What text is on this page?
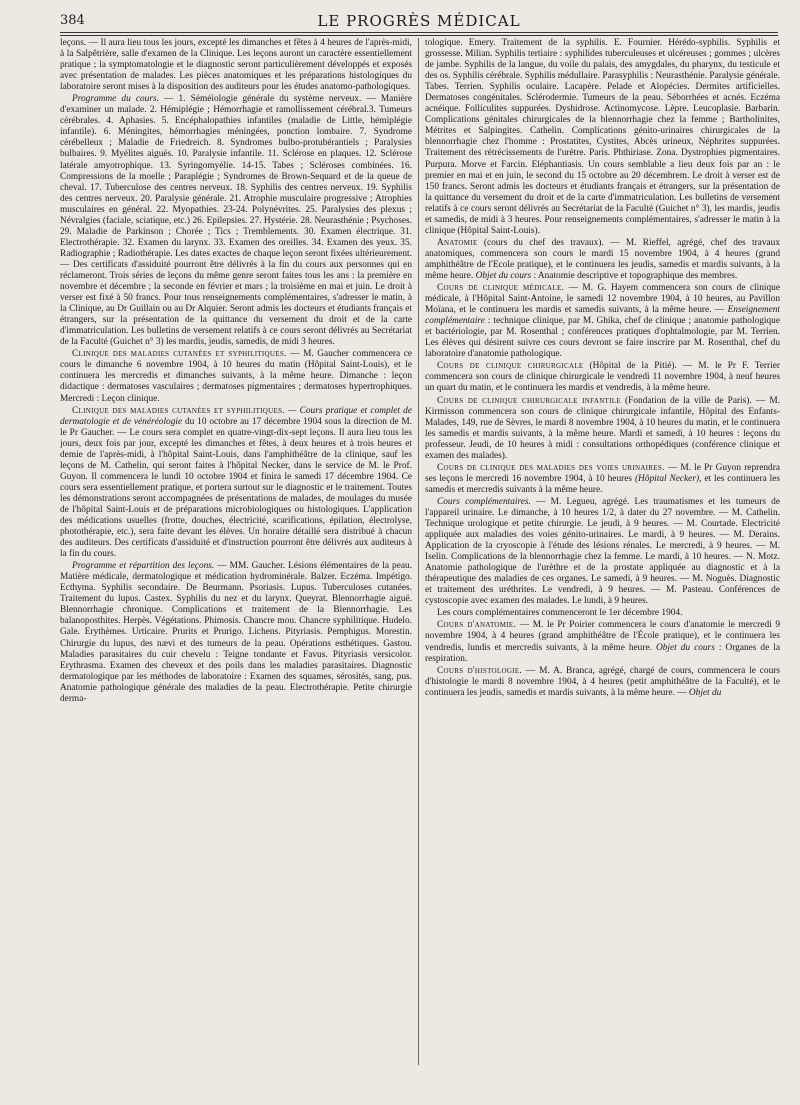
384	LE PROGRÈS MÉDICAL

leçons. — Il aura lieu tous les jours, excepté les dimanches et fêtes à 4 heures de l'après-midi, à la Salpêtrière, salle d'examen de la Clinique. Les leçons auront un caractère essentiellement pratique ; la symptomatologie et le diagnostic seront particulièrement développés et exposés avec présentation de malades. Les pièces anatomiques et les préparations histologiques du laboratoire seront mises à la disposition des auditeurs pour les études anatomo-pathologiques.

Programme du cours. — 1. Séméiologie générale du système nerveux. — Manière d'examiner un malade. 2. Hémiplégie ; Hémorrhagie et ramollissement cérébral.3. Tumeurs cérébrales. 4. Aphasies. 5. Encéphalopathies infantiles (maladie de Little, hémiplégie infantile). 6. Méningites, hémorrhagies méningées, ponction lombaire. 7. Syndrome cérébelleux ; Maladie de Friedreich. 8. Syndromes bulbo-protubérantiels ; Paralysies bulbaires. 9. Myélites aiguës. 10. Paralysie infantile. 11. Sclérose en plaques. 12. Sclérose latérale amyotrophique. 13. Syringomyélie. 14-15. Tabes ; Scléroses combinées. 16. Compressions de la moelle ; Paraplégie ; Syndromes de Brown-Sequard et de la queue de cheval. 17. Tuberculose des centres nerveux. 18. Syphilis des centres nerveux. 19. Syphilis des centres nerveux. 20. Paralysie générale. 21. Atrophie musculaire progressive ; Atrophies musculaires en général. 22. Myopathies. 23-24. Polynévrites. 25. Paralysies des plexus ; Névralgies (faciale, sciatique, etc.) 26. Epilepsies. 27. Hystérie. 28. Neurasthénie ; Psychoses. 29. Maladie de Parkinson ; Chorée ; Tics ; Tremblements. 30. Examen électrique. 31. Electrothérapie. 32. Examen du larynx. 33. Examen des oreilles. 34. Examen des yeux. 35. Radiographie ; Radiothérapie. Les dates exactes de chaque leçon seront fixées ultérieurement. — Des certificats d'assiduité pourront être délivrés à la fin du cours aux personnes qui en réclameront. Trois séries de leçons du même genre seront faites tous les ans : la première en novembre et décembre ; la seconde en février et mars ; la troisième en mai et juin. Le droit à verser est fixé à 50 francs. Pour tous renseignements complémentaires, s'adresser le matin, à la Clinique, au Dr Guillain ou au Dr Alquier. Seront admis les docteurs et étudiants français et étrangers, sur la présentation de la quittance du versement du droit et de la carte d'immatriculation. Les bulletins de versement relatifs à ce cours seront délivrés au Secrétariat de la Faculté (Guichet n° 3) les mardis, jeudis, samedis, de midi 3 heures.

Clinique des maladies cutanées et syphilitiques. — M. Gaucher commencera ce cours le dimanche 6 novembre 1904, à 10 heures du matin (Hôpital Saint-Louis), et le continuera les mercredis et dimanches suivants, à la même heure. Dimanche : leçon didactique : dermatoses vasculaires ; dermatoses pigmentaires ; dermatoses hypertrophiques. Mercredi : Leçon clinique.

Clinique des maladies cutanées et syphilitiques. — Cours pratique et complet de dermatologie et de vénéréologie du 10 octobre au 17 décembre 1904 sous la direction de M. le Pr Gaucher. — Le cours sera complet en quatre-vingt-dix-sept leçons. Il aura lieu tous les jours, deux fois par jour, excepté les dimanches et fêtes, à deux heures et à trois heures et demie de l'après-midi, à l'hôpital Saint-Louis, dans l'amphithéâtre de la clinique, sauf les leçons de M. Cathelin, qui seront faites à l'hôpital Necker, dans le service de M. le Prof. Guyon. Il commencera le lundi 10 octobre 1904 et finira le samedi 17 décembre 1904. Ce cours sera essentiellement pratique, et portera surtout sur le diagnostic et le traitement. Toutes les démonstrations seront accompagnées de présentations de malades, de moulages du musée de l'hôpital Saint-Louis et de préparations microbiologiques ou histologiques. L'application des médications usuelles (frotte, douches, électricité, scarifications, épilation, électrolyse, photothérapie, etc.), sera faite devant les élèves. Un horaire détaillé sera distribué à chacun des auditeurs. Des certificats d'assiduité et d'instruction pourront être délivrés aux auditeurs à la fin du cours.

Programme et répartition des leçons. — MM. Gaucher. Lésions élémentaires de la peau. Matière médicale, dermatologique et médication hydrominérale. Balzer. Eczéma. Impétigo. Ecthyma. Syphilis secondaire. De Beurmann. Psoriasis. Lupus. Tuberculoses cutanées. Traitement du lupus. Castex. Syphilis du nez et du larynx. Queyrat. Blennorrhagie aiguë. Blennorrhagie chronique. Complications et traitement de la Blennorrhagie. Les balanoposthites. Herpès. Végétations. Phimosis. Chancre mou. Chancre syphilitique. Hudelo. Gale. Erythèmes. Urticaire. Prurits et Prurigo. Lichens. Pityriasis. Pemphigus. Morestin. Chirurgie du lupus, des nævi et des tumeurs de la peau. Opérations esthétiques. Gastou. Maladies parasitaires du cuir chevelu : Teigne tondante et Favus. Pityriasis versicolor. Erythrasma. Examen des cheveux et des poils dans les maladies parasitaires. Diagnostic dermatologique par les méthodes de laboratoire : Examen des squames, sérosités, sang, pus. Anatomie pathologique générale des maladies de la peau. Electrothérapie. Petite chirurgie derma-

tologique. Emery. Traitement de la syphilis. E. Fournier. Hérédo-syphilis. Syphilis et grossesse. Milian. Syphilis tertiaire : syphilides tuberculeuses et ulcéreuses ; gommes ; ulcères de jambe. Syphilis de la langue, du voile du palais, des amygdales, du pharynx, du testicule et des os. Syphilis cérébrale. Syphilis médullaire. Parasyphilis : Neurasthénie. Paralysie générale. Tabes. Terrien. Syphilis oculaire. Lacapère. Pelade et Alopécies. Dermites artificielles. Dermatoses congénitales. Sclérodermie. Tumeurs de la peau. Séborrhées et acnés. Eczéma acnéique. Folliculites suppurées. Dyshidrose. Actinomycose. Lèpre. Leucoplasie. Barbarin. Complications génitales chirurgicales de la blennorrhagie chez la femme ; Bartholinites, Métrites et Salpingites. Cathelin. Complications génito-urinaires chirurgicales de la blennorrhagie chez l'homme : Prostatites, Cystites, Abcès urineux, Néphrites suppurées. Traitement des rétrécissements de l'urètre. Paris. Phthiriase. Zona. Dystrophies pigmentaires. Purpura. Morve et Farcin. Eléphantiasis. Un cours semblable a lieu deux fois par an : le premier en mai et en juin, le second du 15 octobre au 20 décembrem. Le droit à verser est de 150 francs. Seront admis les docteurs et étudiants français et étrangers, sur la présentation de la quittance du versement du droit et de la carte d'immatriculation. Les bulletins de versement relatifs à ce cours seront délivrés au Secrétariat de la Faculté (Guichet n° 3), les mardis, jeudis et samedis, de midi à 3 heures. Pour renseignements complémentaires, s'adresser le matin à la clinique (Hôpital Saint-Louis).

Anatomie (cours du chef des travaux). — M. Rieffel, agrégé, chef des travaux anatomiques, commencera son cours le mardi 15 novembre 1904, à 4 heures (grand amphithéâtre de l'Ecole pratique), et le continuera les jeudis, samedis et mardis suivants, à la même heure. Objet du cours : Anatomie descriptive et topographique des membres.

Cours de clinique médicale. — M. G. Hayem commencera son cours de clinique médicale, à l'Hôpital Saint-Antoine, le samedi 12 novembre 1904, à 10 heures, au Pavillon Moïana, et le continuera les mardis et samedis suivants, à la même heure. — Enseignement complémentaire : technique clinique, par M. Ghika, chef de clinique ; anatomie pathologique et bactériologie, par M. Rosenthal ; conférences pratiques d'ophtalmologie, par M. Terrien. Les élèves qui désirent suivre ces cours devront se faire inscrire par M. Rosenthal, chef du laboratoire d'anatomie pathologique.

Cours de clinique chirurgicale (Hôpital de la Pitié). — M. le Pr F. Terrier commencera son cours de clinique chirurgicale le vendredi 11 novembre 1904, à neuf heures un quart du matin, et le continuera les mardis et vendredis, à la même heure.

Cours de clinique chirurgicale infantile (Fondation de la ville de Paris). — M. Kirmisson commencera son cours de clinique chirurgicale infantile, Hôpital des Enfants-Malades, 149, rue de Sèvres, le mardi 8 novembre 1904, à 10 heures du matin, et le continuera les samedis et mardis suivants, à la même heure. Mardi et samedi, à 10 heures : leçons du professeur. Jeudi, de 10 heures à midi : consultations orthopédiques (conférence clinique et examen des malades).

Cours de clinique des maladies des voies urinaires. — M. le Pr Guyon reprendra ses leçons le mercredi 16 novembre 1904, à 10 heures (Hôpital Necker), et les continuera les samedis et mercredis suivants à la même heure.

Cours complémentaires. — M. Legueu, agrégé. Les traumatismes et les tumeurs de l'appareil urinaire. Le dimanche, à 10 heures 1/2, à dater du 27 novembre. — M. Cathelin. Technique urologique et petite chirurgie. Le jeudi, à 9 heures. — M. Courtade. Electricité appliquée aux maladies des voies génito-urinaires. Le mardi, à 9 heures. — M. Derains. Application de la cryoscopie à l'étude des lésions rénales. Le mercredi, à 9 heures. — M. Iselin. Complications de la blennorrhagie chez la femme. Le mardi, à 10 heures. — N. Motz. Anatomie pathologique de l'urèthre et de la prostate appliquée au diagnostic et à la thérapeutique des maladies de ces organes. Le samedi, à 9 heures. — M. Noguès. Diagnostic et traitement des uréthrites. Le vendredi, à 9 heures. — M. Pasteau. Conférences de cystoscopie avec examen des malades. Le lundi, à 9 heures.

Les cours complémentaires commenceront le 1er décembre 1904.

Cours d'anatomie. — M. le Pr Poirier commencera le cours d'anatomie le mercredi 9 novembre 1904, à 4 heures (grand amphithéâtre de l'École pratique), et le continuera les vendredis, lundis et mercredis suivants, à la même heure. Objet du cours : Organes de la respiration.

Cours d'histologie. — M. A. Branca, agrégé, chargé de cours, commencera le cours d'histologie le mardi 8 novembre 1904, à 4 heures (petit amphithéâtre de la Faculté), et le continuera les jeudis, samedis et mardis suivants, à la même heure. — Objet du
